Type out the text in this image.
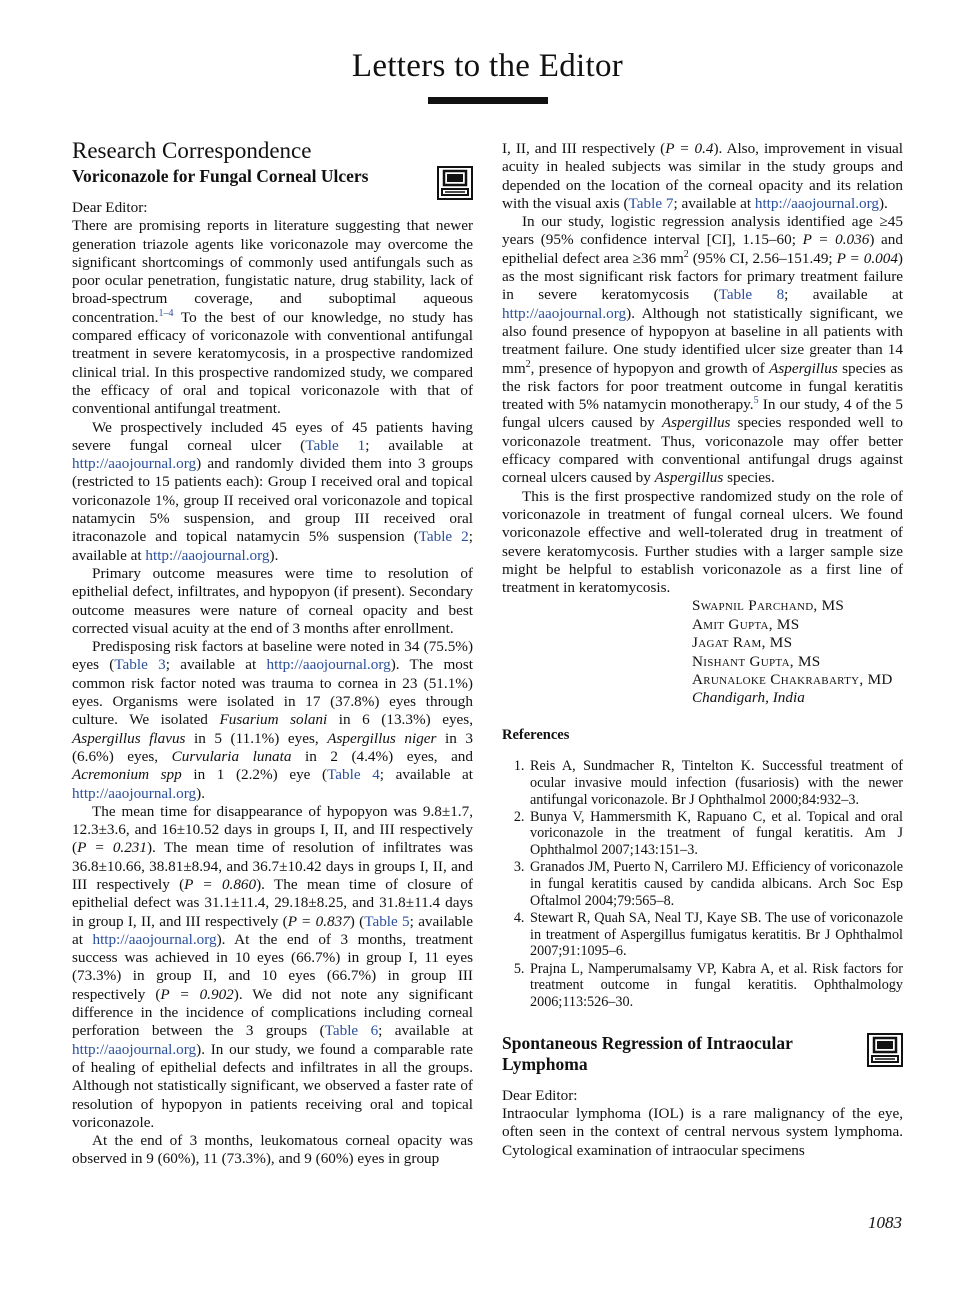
Letters to the Editor
Research Correspondence
Voriconazole for Fungal Corneal Ulcers

Dear Editor:

There are promising reports in literature suggesting that newer generation triazole agents like voriconazole may overcome the significant shortcomings of commonly used antifungals such as poor ocular penetration, fungistatic nature, drug stability, lack of broad-spectrum coverage, and suboptimal aqueous concentration.$^{1-4}$ To the best of our knowledge, no study has compared efficacy of voriconazole with conventional antifungal treatment in severe keratomycosis, in a prospective randomized clinical trial. In this prospective randomized study, we compared the efficacy of oral and topical voriconazole with that of conventional antifungal treatment.

We prospectively included 45 eyes of 45 patients having severe fungal corneal ulcer (Table 1; available at http://aaojournal.org) and randomly divided them into 3 groups (restricted to 15 patients each): Group I received oral and topical voriconazole 1%, group II received oral voriconazole and topical natamycin 5% suspension, and group III received oral itraconazole and topical natamycin 5% suspension (Table 2; available at http://aaojournal.org).

Primary outcome measures were time to resolution of epithelial defect, infiltrates, and hypopyon (if present). Secondary outcome measures were nature of corneal opacity and best corrected visual acuity at the end of 3 months after enrollment.

Predisposing risk factors at baseline were noted in 34 (75.5%) eyes (Table 3; available at http://aaojournal.org). The most common risk factor noted was trauma to cornea in 23 (51.1%) eyes. Organisms were isolated in 17 (37.8%) eyes through culture. We isolated Fusarium solani in 6 (13.3%) eyes, Aspergillus flavus in 5 (11.1%) eyes, Aspergillus niger in 3 (6.6%) eyes, Curvularia lunata in 2 (4.4%) eyes, and Acremonium spp in 1 (2.2%) eye (Table 4; available at http://aaojournal.org).

The mean time for disappearance of hypopyon was 9.8±1.7, 12.3±3.6, and 16±10.52 days in groups I, II, and III respectively (P = 0.231). The mean time of resolution of infiltrates was 36.8±10.66, 38.81±8.94, and 36.7±10.42 days in groups I, II, and III respectively (P = 0.860). The mean time of closure of epithelial defect was 31.1±11.4, 29.18±8.25, and 31.8±11.4 days in group I, II, and III respectively (P = 0.837) (Table 5; available at http://aaojournal.org). At the end of 3 months, treatment success was achieved in 10 eyes (66.7%) in group I, 11 eyes (73.3%) in group II, and 10 eyes (66.7%) in group III respectively (P = 0.902). We did not note any significant difference in the incidence of complications including corneal perforation between the 3 groups (Table 6; available at http://aaojournal.org). In our study, we found a comparable rate of healing of epithelial defects and infiltrates in all the groups. Although not statistically significant, we observed a faster rate of resolution of hypopyon in patients receiving oral and topical voriconazole.

At the end of 3 months, leukomatous corneal opacity was observed in 9 (60%), 11 (73.3%), and 9 (60%) eyes in group

I, II, and III respectively (P = 0.4). Also, improvement in visual acuity in healed subjects was similar in the study groups and depended on the location of the corneal opacity and its relation with the visual axis (Table 7; available at http://aaojournal.org).

In our study, logistic regression analysis identified age ≥45 years (95% confidence interval [CI], 1.15–60; P = 0.036) and epithelial defect area ≥36 $mm^2$ (95% CI, 2.56–151.49; P = 0.004) as the most significant risk factors for primary treatment failure in severe keratomycosis (Table 8; available at http://aaojournal.org). Although not statistically significant, we also found presence of hypopyon at baseline in all patients with treatment failure. One study identified ulcer size greater than 14 $mm^2$, presence of hypopyon and growth of Aspergillus species as the risk factors for poor treatment outcome in fungal keratitis treated with 5% natamycin monotherapy.$^5$ In our study, 4 of the 5 fungal ulcers caused by Aspergillus species responded well to voriconazole treatment. Thus, voriconazole may offer better efficacy compared with conventional antifungal drugs against corneal ulcers caused by Aspergillus species.

This is the first prospective randomized study on the role of voriconazole in treatment of fungal corneal ulcers. We found voriconazole effective and well-tolerated drug in treatment of severe keratomycosis. Further studies with a larger sample size might be helpful to establish voriconazole as a first line of treatment in keratomycosis.

Swapnil Parchand, MS
Amit Gupta, MS
Jagat Ram, MS
Nishant Gupta, MS
Arunaloke Chakrabarty, MD
Chandigarh, India
References
1. Reis A, Sundmacher R, Tintelton K. Successful treatment of ocular invasive mould infection (fusariosis) with the newer antifungal voriconazole. Br J Ophthalmol 2000;84:932–3.
2. Bunya V, Hammersmith K, Rapuano C, et al. Topical and oral voriconazole in the treatment of fungal keratitis. Am J Ophthalmol 2007;143:151–3.
3. Granados JM, Puerto N, Carrilero MJ. Efficiency of voriconazole in fungal keratitis caused by candida albicans. Arch Soc Esp Oftalmol 2004;79:565–8.
4. Stewart R, Quah SA, Neal TJ, Kaye SB. The use of voriconazole in treatment of Aspergillus fumigatus keratitis. Br J Ophthalmol 2007;91:1095–6.
5. Prajna L, Namperumalsamy VP, Kabra A, et al. Risk factors for treatment outcome in fungal keratitis. Ophthalmology 2006;113:526–30.
Spontaneous Regression of Intraocular Lymphoma

Dear Editor:

Intraocular lymphoma (IOL) is a rare malignancy of the eye, often seen in the context of central nervous system lymphoma. Cytological examination of intraocular specimens

1083
